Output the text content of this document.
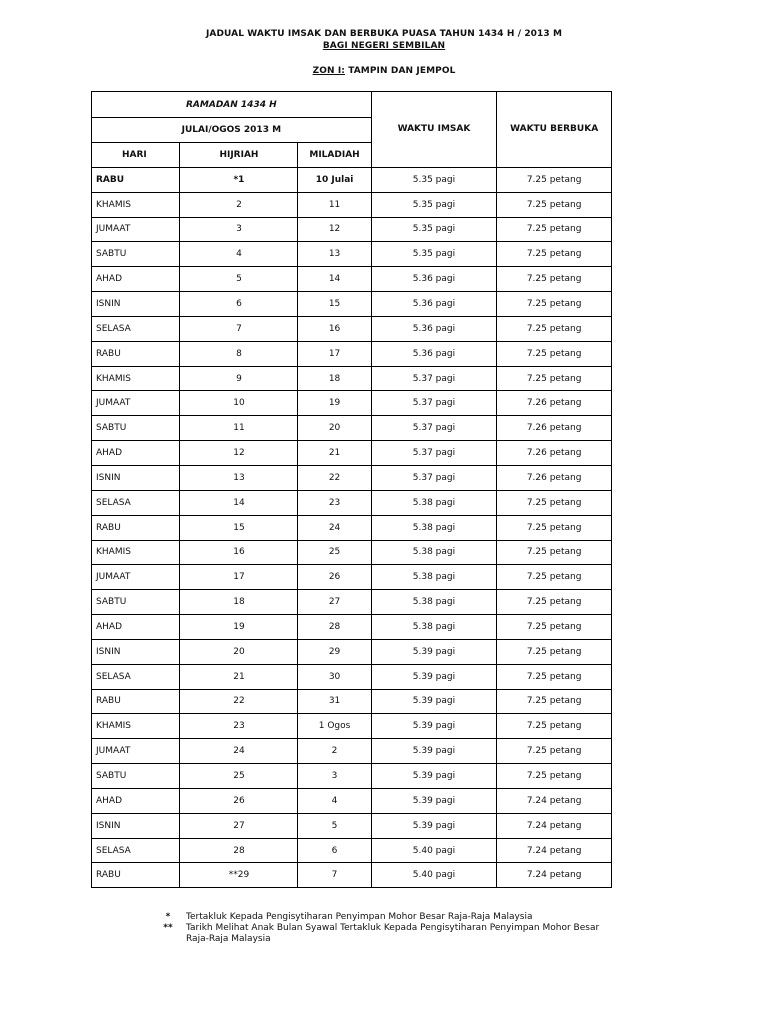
JADUAL WAKTU IMSAK DAN BERBUKA PUASA TAHUN 1434 H / 2013 M
BAGI NEGERI SEMBILAN
ZON I: TAMPIN DAN JEMPOL
RAMADAN 1434 H			WAKTU IMSAK	WAKTU BERBUKA
JULAI/OGOS 2013 M				
HARI	HIJRIAH	MILADIAH		
RABU	*1	10 Julai	5.35 pagi	7.25 petang
KHAMIS	2	11	5.35 pagi	7.25 petang
JUMAAT	3	12	5.35 pagi	7.25 petang
SABTU	4	13	5.35 pagi	7.25 petang
AHAD	5	14	5.36 pagi	7.25 petang
ISNIN	6	15	5.36 pagi	7.25 petang
SELASA	7	16	5.36 pagi	7.25 petang
RABU	8	17	5.36 pagi	7.25 petang
KHAMIS	9	18	5.37 pagi	7.25 petang
JUMAAT	10	19	5.37 pagi	7.26 petang
SABTU	11	20	5.37 pagi	7.26 petang
AHAD	12	21	5.37 pagi	7.26 petang
ISNIN	13	22	5.37 pagi	7.26 petang
SELASA	14	23	5.38 pagi	7.25 petang
RABU	15	24	5.38 pagi	7.25 petang
KHAMIS	16	25	5.38 pagi	7.25 petang
JUMAAT	17	26	5.38 pagi	7.25 petang
SABTU	18	27	5.38 pagi	7.25 petang
AHAD	19	28	5.38 pagi	7.25 petang
ISNIN	20	29	5.39 pagi	7.25 petang
SELASA	21	30	5.39 pagi	7.25 petang
RABU	22	31	5.39 pagi	7.25 petang
KHAMIS	23	1 Ogos	5.39 pagi	7.25 petang
JUMAAT	24	2	5.39 pagi	7.25 petang
SABTU	25	3	5.39 pagi	7.25 petang
AHAD	26	4	5.39 pagi	7.24 petang
ISNIN	27	5	5.39 pagi	7.24 petang
SELASA	28	6	5.40 pagi	7.24 petang
RABU	**29	7	5.40 pagi	7.24 petang
*	Tertakluk Kepada Pengisytiharan Penyimpan Mohor Besar Raja-Raja Malaysia
**	Tarikh Melihat Anak Bulan Syawal Tertakluk Kepada Pengisytiharan Penyimpan Mohor Besar Raja-Raja Malaysia
